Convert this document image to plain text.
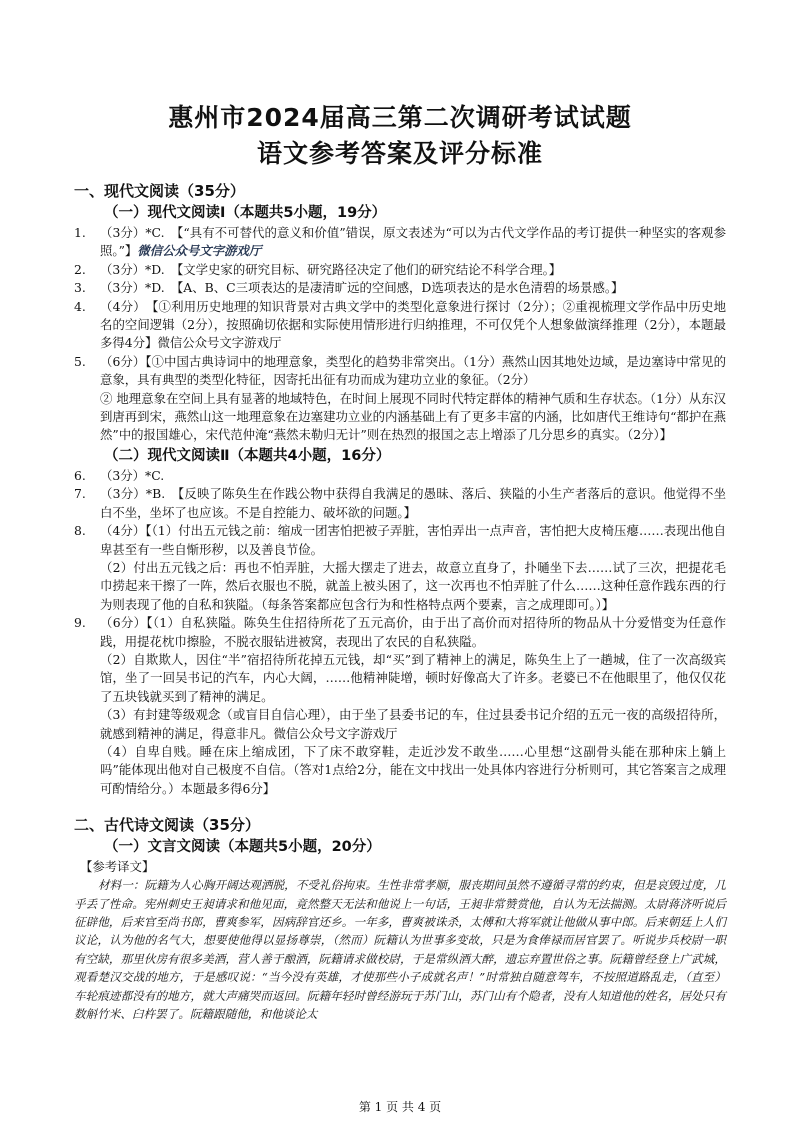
惠州市2024届高三第二次调研考试试题
语文参考答案及评分标准

一、现代文阅读（35分）

（一）现代文阅读Ⅰ（本题共5小题，19分）

1.	（3分）*C.　【“具有不可替代的意义和价值”错误，原文表述为“可以为古代文学作品的考订提供一种坚实的客观参照。”】微信公众号文字游戏厅
2.	（3分）*D.　【文学史家的研究目标、研究路径决定了他们的研究结论不科学合理。】
3.	（3分）*D.　【A、B、C三项表达的是凄清旷远的空间感，D选项表达的是水色清碧的场景感。】
4.	（4分）　【①利用历史地理的知识背景对古典文学中的类型化意象进行探讨（2分）；②重视梳理文学作品中历史地名的空间逻辑（2分），按照确切依据和实际使用情形进行归纳推理，不可仅凭个人想象做演绎推理（2分），本题最多得4分】微信公众号文字游戏厅
5.	（6分）【①中国古典诗词中的地理意象，类型化的趋势非常突出。（1分）燕然山因其地处边域，是边塞诗中常见的意象，具有典型的类型化特征，因寄托出征有功而成为建功立业的象征。（2分）

② 地理意象在空间上具有显著的地域特色，在时间上展现不同时代特定群体的精神气质和生存状态。（1分）从东汉到唐再到宋，燕然山这一地理意象在边塞建功立业的内涵基础上有了更多丰富的内涵，比如唐代王维诗句“都护在燕然”中的报国雄心，宋代范仲淹“燕然未勒归无计”则在热烈的报国之志上增添了几分思乡的真实。（2分）】

（二）现代文阅读Ⅱ（本题共4小题，16分）

6.	（3分）*C.
7.	（3分）*B.　【反映了陈奂生在作践公物中获得自我满足的愚昧、落后、狭隘的小生产者落后的意识。他觉得不坐白不坐，坐坏了也应该。不是自控能力、破坏欲的问题。】
8.	（4分）【（1）付出五元钱之前：缩成一团害怕把被子弄脏，害怕弄出一点声音，害怕把大皮椅压瘪……表现出他自卑甚至有一些自惭形秽，以及善良节俭。

（2）付出五元钱之后：再也不怕弄脏，大摇大摆走了进去，故意立直身了，扑嗵坐下去……试了三次，把提花毛巾捞起来干擦了一阵，然后衣服也不脱，就盖上被头困了，这一次再也不怕弄脏了什么……这种任意作践东西的行为则表现了他的自私和狭隘。（每条答案都应包含行为和性格特点两个要素，言之成理即可。）】

9.	（6分）【（1）自私狭隘。陈奂生住招待所花了五元高价，由于出了高价而对招待所的物品从十分爱惜变为任意作践，用提花枕巾擦脸，不脱衣服钻进被窝，表现出了农民的自私狭隘。

（2）自欺欺人，因住“半”宿招待所花掉五元钱，却“买”到了精神上的满足，陈奂生上了一趟城，住了一次高级宾馆，坐了一回吴书记的汽车，内心大阔，……他精神陡增，顿时好像高大了许多。老婆已不在他眼里了，他仅仅花了五块钱就买到了精神的满足。

（3）有封建等级观念（或盲目自信心理），由于坐了县委书记的车，住过县委书记介绍的五元一夜的高级招待所，就感到精神的满足，得意非凡。微信公众号文字游戏厅

（4）自卑自贱。睡在床上缩成团，下了床不敢穿鞋，走近沙发不敢坐……心里想“这副骨头能在那种床上躺上吗”能体现出他对自己极度不自信。（答对1点给2分，能在文中找出一处具体内容进行分析则可，其它答案言之成理可酌情给分。）本题最多得6分】

二、古代诗文阅读（35分）

（一）文言文阅读（本题共5小题，20分）

【参考译文】

材料一：阮籍为人心胸开阔达观洒脱，不受礼俗拘束。生性非常孝顺，服丧期间虽然不遵循寻常的约束，但是哀毁过度，几乎丢了性命。宪州刺史王昶请求和他见面，竟然整天无法和他说上一句话，王昶非常赞赏他，自认为无法揣测。太尉蒋济听说后征辟他，后来官至尚书郎，曹爽参军，因病辞官还乡。一年多，曹爽被诛杀，太傅和大将军就让他做从事中郎。后来朝廷上人们议论，认为他的名气大，想要使他得以显扬尊崇，（然而）阮籍认为世事多变故，只是为食俸禄而居官罢了。听说步兵校尉一职有空缺，那里伙房有很多美酒，营人善于酿酒，阮籍请求做校尉，于是常纵酒大醉，遗忘弃置世俗之事。阮籍曾经登上广武城，观看楚汉交战的地方，于是感叹说：“当今没有英雄，才使那些小子成就名声！”时常独自随意驾车，不按照道路乱走，（直至）车轮痕迹都没有的地方，就大声痛哭而返回。阮籍年轻时曾经游玩于苏门山，苏门山有个隐者，没有人知道他的姓名，居处只有数斛竹米、臼杵罢了。阮籍跟随他，和他谈论太

第 1 页 共 4 页
